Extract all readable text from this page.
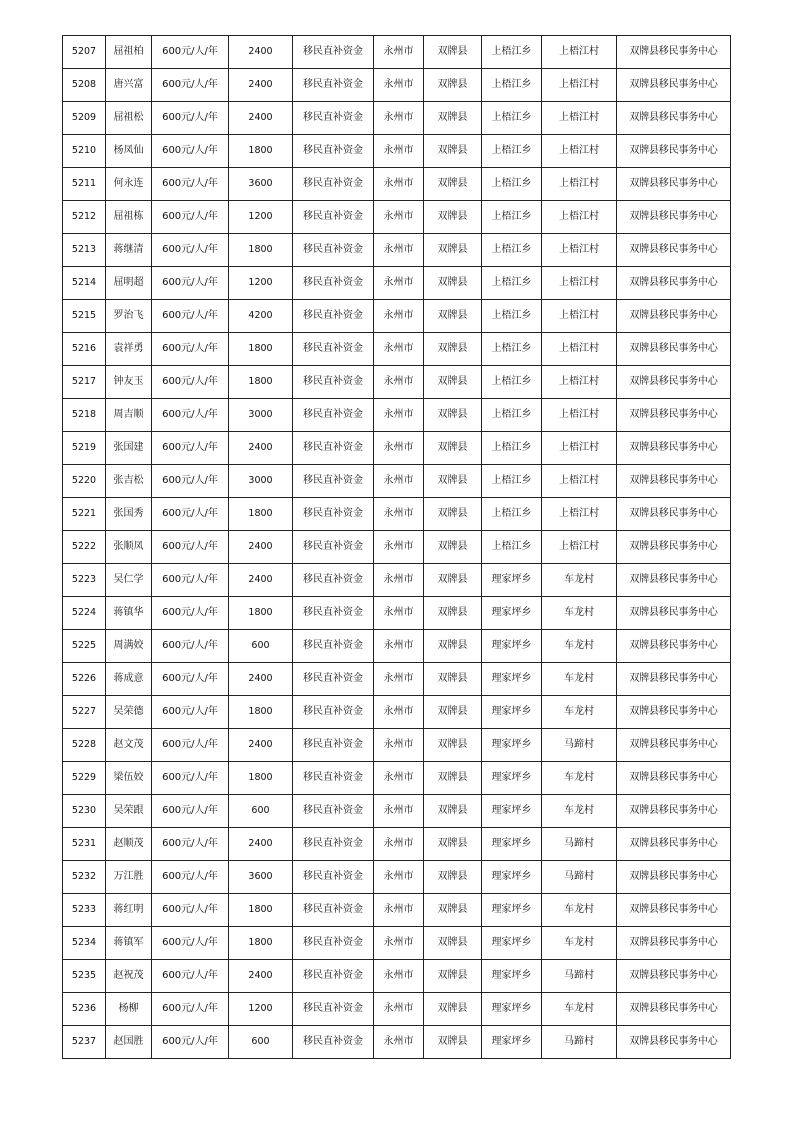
5207	屈祖柏	600元/人/年	2400	移民直补资金	永州市	双牌县	上梧江乡	上梧江村	双牌县移民事务中心
5208	唐兴富	600元/人/年	2400	移民直补资金	永州市	双牌县	上梧江乡	上梧江村	双牌县移民事务中心
5209	屈祖松	600元/人/年	2400	移民直补资金	永州市	双牌县	上梧江乡	上梧江村	双牌县移民事务中心
5210	杨凤仙	600元/人/年	1800	移民直补资金	永州市	双牌县	上梧江乡	上梧江村	双牌县移民事务中心
5211	何永连	600元/人/年	3600	移民直补资金	永州市	双牌县	上梧江乡	上梧江村	双牌县移民事务中心
5212	屈祖栋	600元/人/年	1200	移民直补资金	永州市	双牌县	上梧江乡	上梧江村	双牌县移民事务中心
5213	蒋继清	600元/人/年	1800	移民直补资金	永州市	双牌县	上梧江乡	上梧江村	双牌县移民事务中心
5214	屈明超	600元/人/年	1200	移民直补资金	永州市	双牌县	上梧江乡	上梧江村	双牌县移民事务中心
5215	罗治飞	600元/人/年	4200	移民直补资金	永州市	双牌县	上梧江乡	上梧江村	双牌县移民事务中心
5216	袁祥勇	600元/人/年	1800	移民直补资金	永州市	双牌县	上梧江乡	上梧江村	双牌县移民事务中心
5217	钟友玉	600元/人/年	1800	移民直补资金	永州市	双牌县	上梧江乡	上梧江村	双牌县移民事务中心
5218	周吉顺	600元/人/年	3000	移民直补资金	永州市	双牌县	上梧江乡	上梧江村	双牌县移民事务中心
5219	张国建	600元/人/年	2400	移民直补资金	永州市	双牌县	上梧江乡	上梧江村	双牌县移民事务中心
5220	张吉松	600元/人/年	3000	移民直补资金	永州市	双牌县	上梧江乡	上梧江村	双牌县移民事务中心
5221	张国秀	600元/人/年	1800	移民直补资金	永州市	双牌县	上梧江乡	上梧江村	双牌县移民事务中心
5222	张顺凤	600元/人/年	2400	移民直补资金	永州市	双牌县	上梧江乡	上梧江村	双牌县移民事务中心
5223	吴仁学	600元/人/年	2400	移民直补资金	永州市	双牌县	理家坪乡	车龙村	双牌县移民事务中心
5224	蒋镇华	600元/人/年	1800	移民直补资金	永州市	双牌县	理家坪乡	车龙村	双牌县移民事务中心
5225	周满姣	600元/人/年	600	移民直补资金	永州市	双牌县	理家坪乡	车龙村	双牌县移民事务中心
5226	蒋成意	600元/人/年	2400	移民直补资金	永州市	双牌县	理家坪乡	车龙村	双牌县移民事务中心
5227	吴荣德	600元/人/年	1800	移民直补资金	永州市	双牌县	理家坪乡	车龙村	双牌县移民事务中心
5228	赵文茂	600元/人/年	2400	移民直补资金	永州市	双牌县	理家坪乡	马蹄村	双牌县移民事务中心
5229	梁伍姣	600元/人/年	1800	移民直补资金	永州市	双牌县	理家坪乡	车龙村	双牌县移民事务中心
5230	吴荣跟	600元/人/年	600	移民直补资金	永州市	双牌县	理家坪乡	车龙村	双牌县移民事务中心
5231	赵顺茂	600元/人/年	2400	移民直补资金	永州市	双牌县	理家坪乡	马蹄村	双牌县移民事务中心
5232	万江胜	600元/人/年	3600	移民直补资金	永州市	双牌县	理家坪乡	马蹄村	双牌县移民事务中心
5233	蒋红明	600元/人/年	1800	移民直补资金	永州市	双牌县	理家坪乡	车龙村	双牌县移民事务中心
5234	蒋镇军	600元/人/年	1800	移民直补资金	永州市	双牌县	理家坪乡	车龙村	双牌县移民事务中心
5235	赵祝茂	600元/人/年	2400	移民直补资金	永州市	双牌县	理家坪乡	马蹄村	双牌县移民事务中心
5236	杨柳	600元/人/年	1200	移民直补资金	永州市	双牌县	理家坪乡	车龙村	双牌县移民事务中心
5237	赵国胜	600元/人/年	600	移民直补资金	永州市	双牌县	理家坪乡	马蹄村	双牌县移民事务中心
